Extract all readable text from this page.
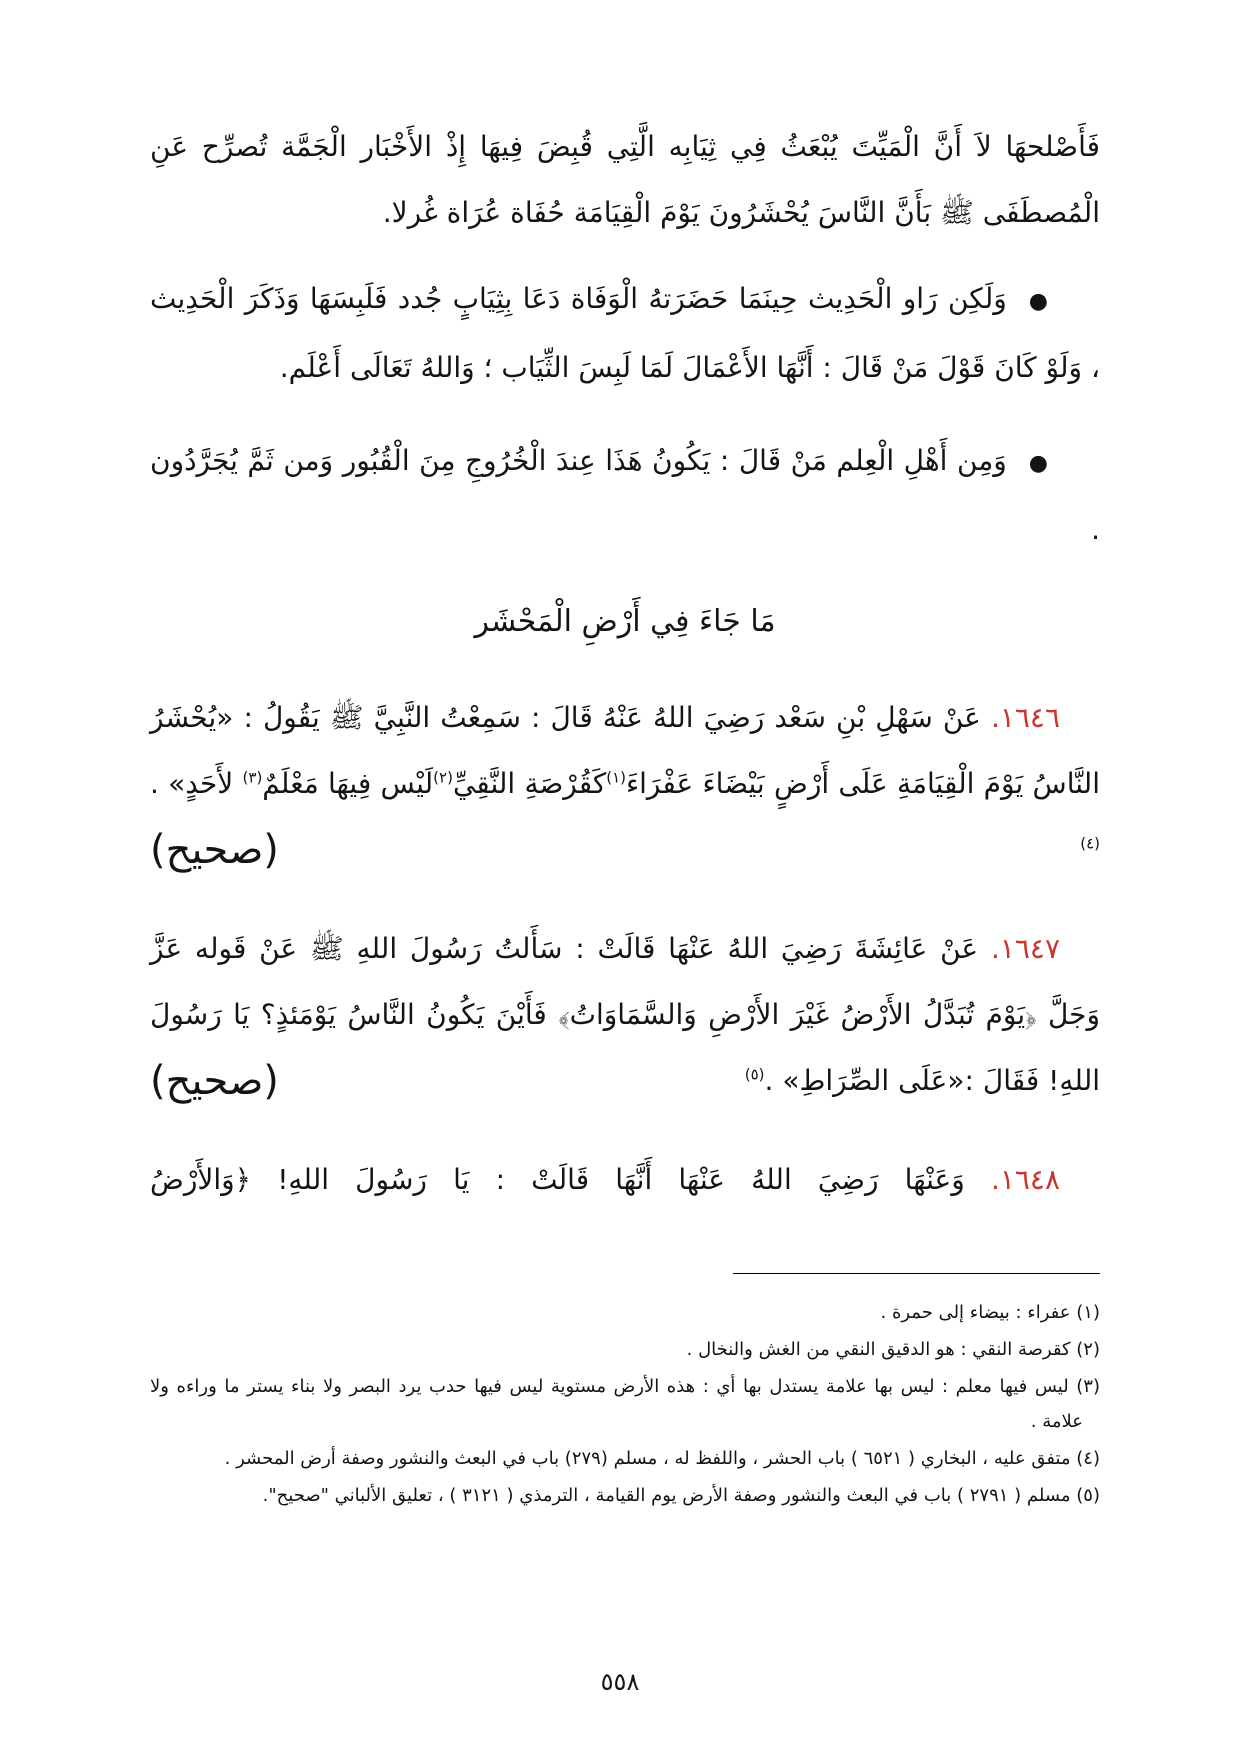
فَأَصْلحهَا لاَ أَنَّ الْمَيِّتَ يُبْعَثُ فِي ثِيَابِه الَّتِي قُبِضَ فِيهَا إِذْ الأَخْبَار الْجَمَّة تُصرِّح عَنِ الْمُصطَفَى ﷺ بَأَنَّ النَّاسَ يُحْشَرُونَ يَوْمَ الْقِيَامَة حُفَاة عُرَاة غُرلا.

●وَلَكِن رَاو الْحَدِيث حِينَمَا حَضَرَتهُ الْوَفَاة دَعَا بِثِيَابٍ جُدد فَلَبِسَهَا وَذَكَرَ الْحَدِيث ، وَلَوْ كَانَ قَوْلَ مَنْ قَالَ : أَنَّهَا الأَعْمَالَ لَمَا لَبِسَ الثِّيَاب ؛ وَاللهُ تَعَالَى أَعْلَم.

●وَمِن أَهْلِ الْعِلم مَنْ قَالَ : يَكُونُ هَذَا عِندَ الْخُرُوجِ مِنَ الْقُبُور وَمن ثَمَّ يُجَرَّدُون .

مَا جَاءَ فِي أَرْضِ الْمَحْشَر

١٦٤٦. عَنْ سَهْلِ بْنِ سَعْد رَضِيَ اللهُ عَنْهُ قَالَ : سَمِعْتُ النَّبِيَّ ﷺ يَقُولُ : «يُحْشَرُ النَّاسُ يَوْمَ الْقِيَامَةِ عَلَى أَرْضٍ بَيْضَاءَ عَفْرَاءَ$^{(١)}$كَقُرْصَةِ النَّقِيِّ$^{(٢)}$لَيْس فِيهَا مَعْلَمٌ$^{(٣)}$ لأَحَدٍ» .$^{(٤)}$

(صحيح)

١٦٤٧. عَنْ عَائِشَةَ رَضِيَ اللهُ عَنْهَا قَالَتْ : سَأَلتُ رَسُولَ اللهِ ﷺ عَنْ قَوله عَزَّ وَجَلَّ ﴿يَوْمَ تُبَدَّلُ الأَرْضُ غَيْرَ الأَرْضِ وَالسَّمَاوَاتُ﴾ فَأَيْنَ يَكُونُ النَّاسُ يَوْمَئذٍ؟ يَا رَسُولَ اللهِ! فَقَالَ :«عَلَى الصِّرَاطِ» .$^{(٥)}$

(صحيح)

١٦٤٨. وَعَنْهَا رَضِيَ اللهُ عَنْهَا أَنَّهَا قَالَتْ : يَا رَسُولَ اللهِ! ﴿وَالأَرْضُ

(١) عفراء : بيضاء إلى حمرة .

(٢) كقرصة النقي : هو الدقيق النقي من الغش والنخال .

(٣) ليس فيها معلم : ليس بها علامة يستدل بها أي : هذه الأرض مستوية ليس فيها حدب يرد البصر ولا بناء يستر ما وراءه ولا علامة .

(٤) متفق عليه ، البخاري ( ٦٥٢١ ) باب الحشر ، واللفظ له ، مسلم (٢٧٩) باب في البعث والنشور وصفة أرض المحشر .

(٥) مسلم ( ٢٧٩١ ) باب في البعث والنشور وصفة الأرض يوم القيامة ، الترمذي ( ٣١٢١ ) ، تعليق الألباني "صحيح".

٥٥٨
